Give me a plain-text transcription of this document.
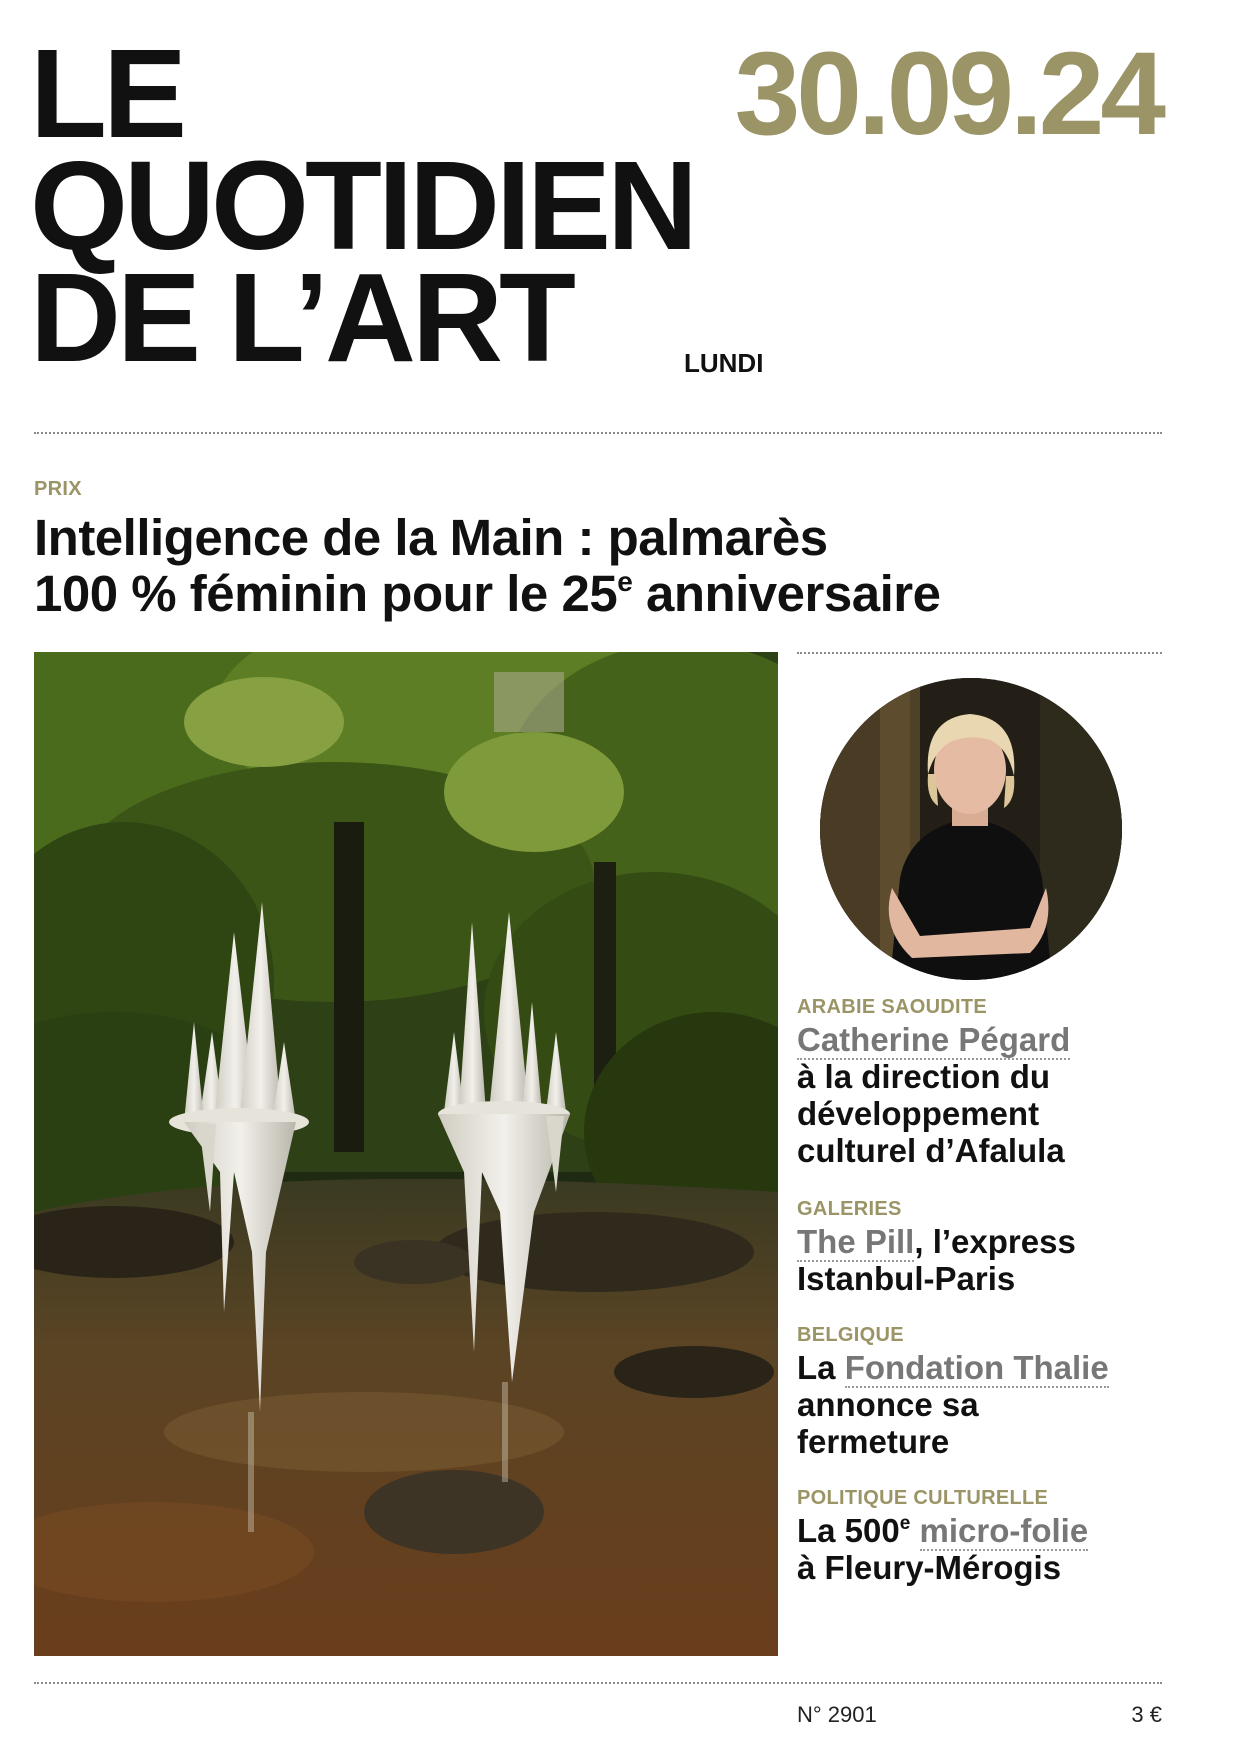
LE
QUOTIDIEN
DE L’ART
30.09.24
LUNDI
PRIX
Intelligence de la Main : palmarès
100 % féminin pour le 25e anniversaire
ARABIE SAOUDITE

Catherine Pégard
à la direction du développement culturel d’Afalula

GALERIES

The Pill, l’express Istanbul-Paris

BELGIQUE

La Fondation Thalie
annonce sa fermeture

POLITIQUE CULTURELLE

La 500e micro-folie
à Fleury-Mérogis

N° 2901	3 €
